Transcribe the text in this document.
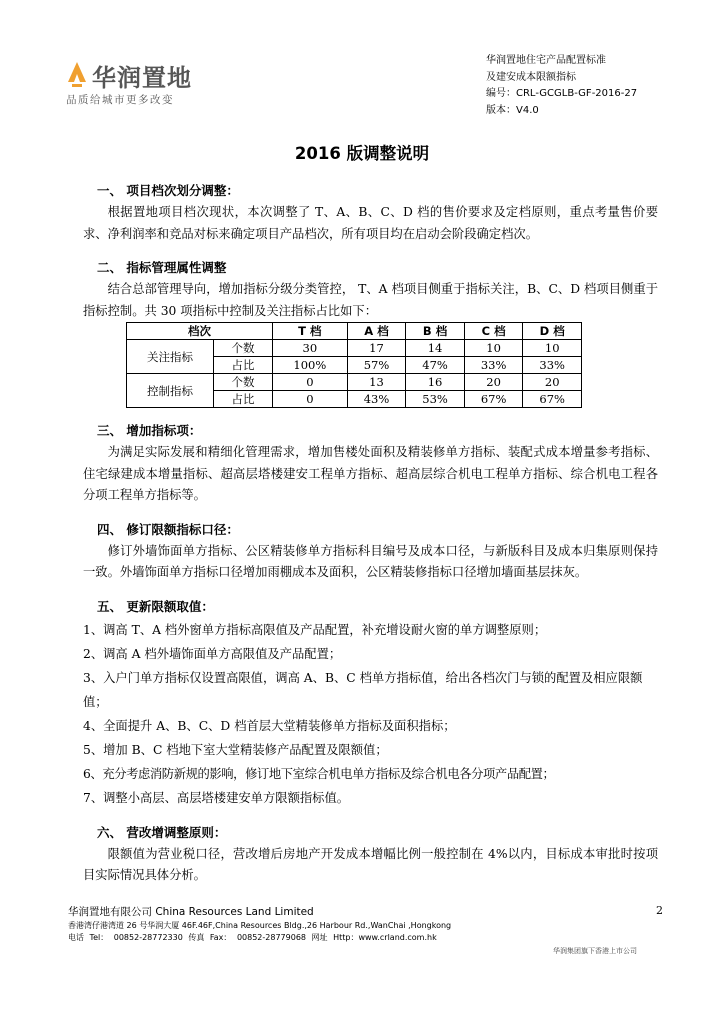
华润置地
品质给城市更多改变
华润置地住宅产品配置标准
及建安成本限额指标
编号：CRL-GCGLB-GF-2016-27
版本：V4.0
2016 版调整说明
一、 项目档次划分调整：

根据置地项目档次现状，本次调整了 T、A、B、C、D 档的售价要求及定档原则，重点考量售价要求、净利润率和竞品对标来确定项目产品档次，所有项目均在启动会阶段确定档次。

二、 指标管理属性调整

结合总部管理导向，增加指标分级分类管控， T、A 档项目侧重于指标关注，B、C、D 档项目侧重于指标控制。共 30 项指标中控制及关注指标占比如下：

档次		T 档	A 档	B 档	C 档	D 档
关注指标	个数	30	17	14	10	10
	占比	100%	57%	47%	33%	33%
控制指标	个数	0	13	16	20	20
	占比	0	43%	53%	67%	67%
三、 增加指标项：

为满足实际发展和精细化管理需求，增加售楼处面积及精装修单方指标、装配式成本增量参考指标、住宅绿建成本增量指标、超高层塔楼建安工程单方指标、超高层综合机电工程单方指标、综合机电工程各分项工程单方指标等。

四、 修订限额指标口径：

修订外墙饰面单方指标、公区精装修单方指标科目编号及成本口径，与新版科目及成本归集原则保持一致。外墙饰面单方指标口径增加雨棚成本及面积，公区精装修指标口径增加墙面基层抹灰。

五、 更新限额取值：

1、调高 T、A 档外窗单方指标高限值及产品配置，补充增设耐火窗的单方调整原则；

2、调高 A 档外墙饰面单方高限值及产品配置；

3、入户门单方指标仅设置高限值，调高 A、B、C 档单方指标值，给出各档次门与锁的配置及相应限额值；

4、全面提升 A、B、C、D 档首层大堂精装修单方指标及面积指标；

5、增加 B、C 档地下室大堂精装修产品配置及限额值；

6、充分考虑消防新规的影响，修订地下室综合机电单方指标及综合机电各分项产品配置；

7、调整小高层、高层塔楼建安单方限额指标值。

六、 营改增调整原则：

限额值为营业税口径，营改增后房地产开发成本增幅比例一般控制在 4%以内，目标成本审批时按项目实际情况具体分析。

华润置地有限公司 China Resources Land Limited
香港湾仔港湾道 26 号华润大厦 46F.46F,China Resources Bldg.,26 Harbour Rd.,WanChai ,Hongkong
电话 Tel： 00852-28772330 传真 Fax： 00852-28779068 网址 Http：www.crland.com.hk
2
华润集团旗下香港上市公司
